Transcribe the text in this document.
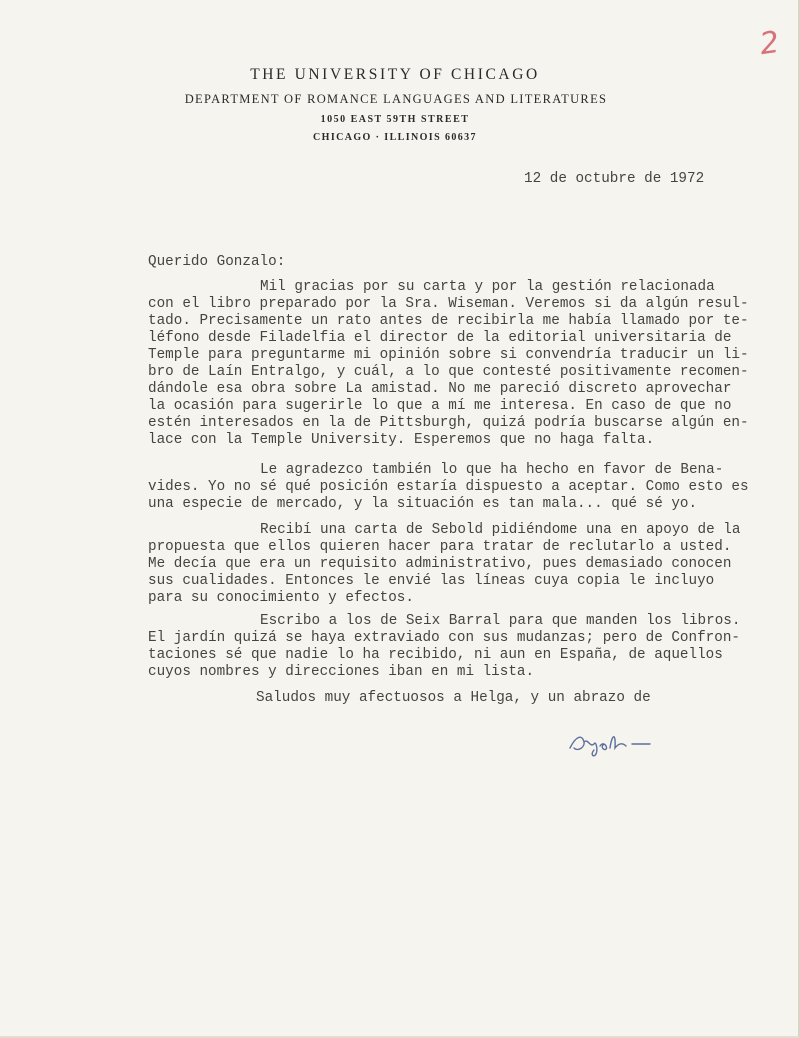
2
THE UNIVERSITY OF CHICAGO
DEPARTMENT OF ROMANCE LANGUAGES AND LITERATURES
1050 EAST 59TH STREET
CHICAGO · ILLINOIS 60637
12 de octubre de 1972
Querido Gonzalo:
Mil gracias por su carta y por la gestión relacionada
con el libro preparado por la Sra. Wiseman. Veremos si da algún resul-
tado. Precisamente un rato antes de recibirla me había llamado por te-
léfono desde Filadelfia el director de la editorial universitaria de
Temple para preguntarme mi opinión sobre si convendría traducir un li-
bro de Laín Entralgo, y cuál, a lo que contesté positivamente recomen-
dándole esa obra sobre La amistad. No me pareció discreto aprovechar
la ocasión para sugerirle lo que a mí me interesa. En caso de que no
estén interesados en la de Pittsburgh, quizá podría buscarse algún en-
lace con la Temple University. Esperemos que no haga falta.
Le agradezco también lo que ha hecho en favor de Bena-
vides. Yo no sé qué posición estaría dispuesto a aceptar. Como esto es
una especie de mercado, y la situación es tan mala... qué sé yo.
Recibí una carta de Sebold pidiéndome una en apoyo de la
propuesta que ellos quieren hacer para tratar de reclutarlo a usted.
Me decía que era un requisito administrativo, pues demasiado conocen
sus cualidades. Entonces le envié las líneas cuya copia le incluyo
para su conocimiento y efectos.
Escribo a los de Seix Barral para que manden los libros.
El jardín quizá se haya extraviado con sus mudanzas; pero de Confron-
taciones sé que nadie lo ha recibido, ni aun en España, de aquellos
cuyos nombres y direcciones iban en mi lista.
Saludos muy afectuosos a Helga, y un abrazo de
